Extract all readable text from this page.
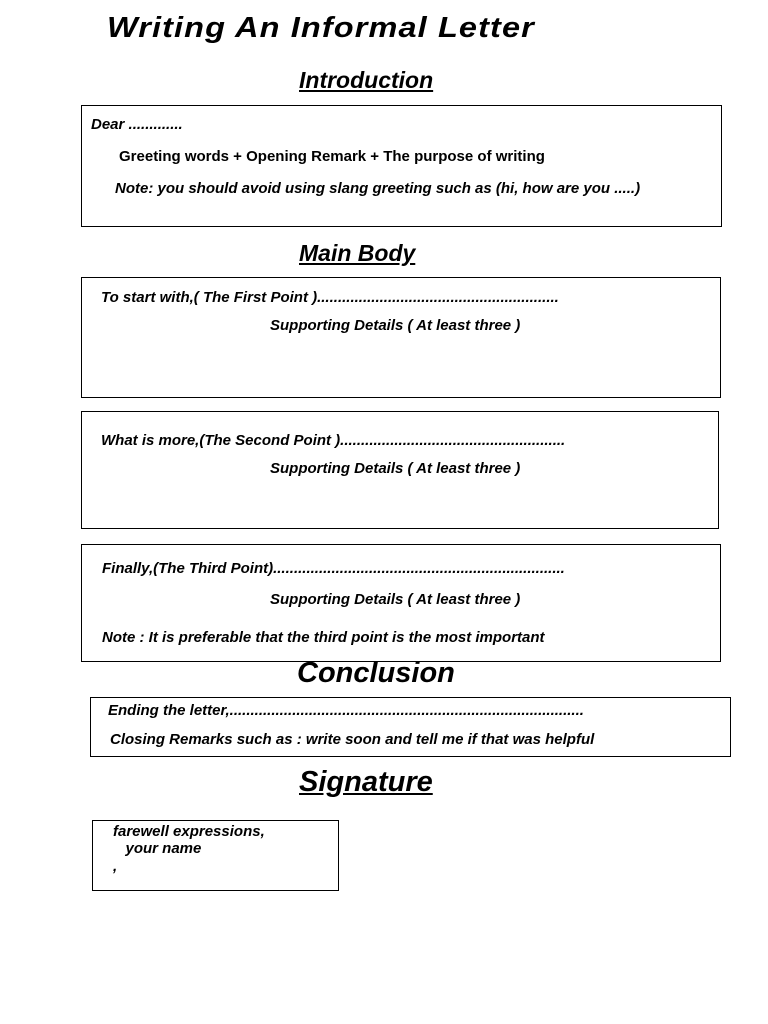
Writing An Informal Letter
Introduction
Dear .............
Greeting words + Opening Remark + The purpose of writing
Note: you should avoid using slang greeting such as (hi, how are you .....)
Main Body
To start with,( The First Point )..........................................................
Supporting Details ( At least three )
What is more,(The Second Point )......................................................
Supporting Details ( At least three )
Finally,(The Third Point)......................................................................
Supporting Details ( At least three )
Note : It is preferable that the third point is the most important
Conclusion
Ending the letter,.....................................................................................
Closing Remarks such as : write soon and tell me if that was helpful
Signature
farewell expressions,
your name
,
